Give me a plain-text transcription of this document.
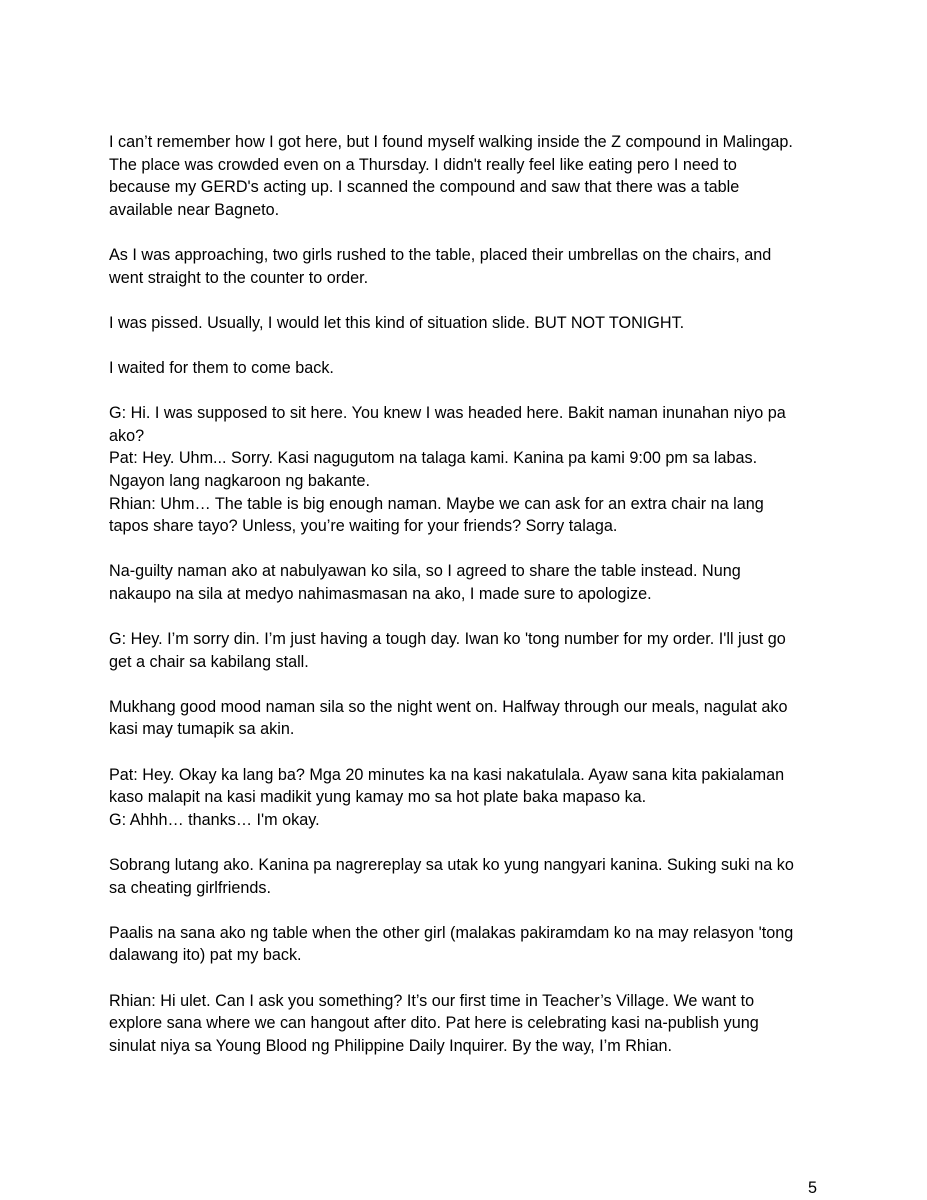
I can’t remember how I got here, but I found myself walking inside the Z compound in Malingap.
The place was crowded even on a Thursday. I didn't really feel like eating pero I need to
because my GERD's acting up. I scanned the compound and saw that there was a table
available near Bagneto.

As I was approaching, two girls rushed to the table, placed their umbrellas on the chairs, and
went straight to the counter to order.

I was pissed. Usually, I would let this kind of situation slide. BUT NOT TONIGHT.

I waited for them to come back.

G: Hi. I was supposed to sit here. You knew I was headed here. Bakit naman inunahan niyo pa
ako?
Pat: Hey. Uhm... Sorry. Kasi nagugutom na talaga kami. Kanina pa kami 9:00 pm sa labas.
Ngayon lang nagkaroon ng bakante.
Rhian: Uhm… The table is big enough naman. Maybe we can ask for an extra chair na lang
tapos share tayo? Unless, you’re waiting for your friends? Sorry talaga.

Na-guilty naman ako at nabulyawan ko sila, so I agreed to share the table instead. Nung
nakaupo na sila at medyo nahimasmasan na ako, I made sure to apologize.

G: Hey. I’m sorry din. I’m just having a tough day. Iwan ko 'tong number for my order. I'll just go
get a chair sa kabilang stall.

Mukhang good mood naman sila so the night went on. Halfway through our meals, nagulat ako
kasi may tumapik sa akin.

Pat: Hey. Okay ka lang ba? Mga 20 minutes ka na kasi nakatulala. Ayaw sana kita pakialaman
kaso malapit na kasi madikit yung kamay mo sa hot plate baka mapaso ka.
G: Ahhh… thanks… I'm okay.

Sobrang lutang ako. Kanina pa nagrereplay sa utak ko yung nangyari kanina. Suking suki na ko
sa cheating girlfriends.

Paalis na sana ako ng table when the other girl (malakas pakiramdam ko na may relasyon 'tong
dalawang ito) pat my back.

Rhian: Hi ulet. Can I ask you something? It’s our first time in Teacher’s Village. We want to
explore sana where we can hangout after dito. Pat here is celebrating kasi na-publish yung
sinulat niya sa Young Blood ng Philippine Daily Inquirer. By the way, I’m Rhian.

5
